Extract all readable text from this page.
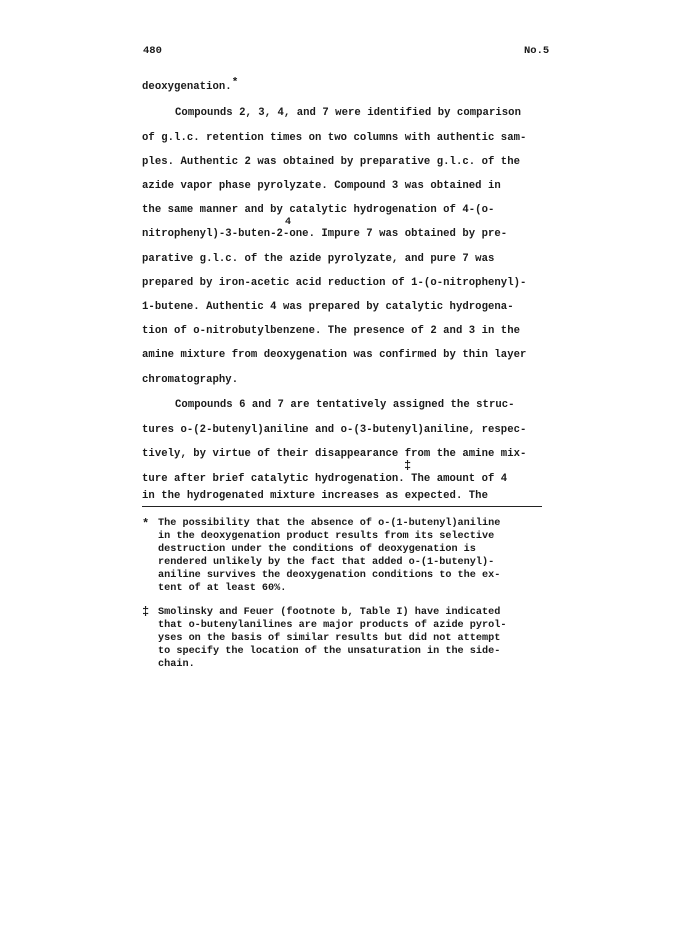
480	No.5
deoxygenation.*
Compounds 2, 3, 4, and 7 were identified by comparison
of g.l.c. retention times on two columns with authentic sam-
ples. Authentic 2 was obtained by preparative g.l.c. of the
azide vapor phase pyrolyzate. Compound 3 was obtained in
the same manner and by catalytic hydrogenation of 4-(o-
4
nitrophenyl)-3-buten-2-one. Impure 7 was obtained by pre-
parative g.l.c. of the azide pyrolyzate, and pure 7 was
prepared by iron-acetic acid reduction of 1-(o-nitrophenyl)-
1-butene. Authentic 4 was prepared by catalytic hydrogena-
tion of o-nitrobutylbenzene. The presence of 2 and 3 in the
amine mixture from deoxygenation was confirmed by thin layer
chromatography.
Compounds 6 and 7 are tentatively assigned the struc-
tures o-(2-butenyl)aniline and o-(3-butenyl)aniline, respec-
tively, by virtue of their disappearance from the amine mix-
ture after brief catalytic hydrogenation. The amount of 4
‡
in the hydrogenated mixture increases as expected. The
* The possibility that the absence of o-(1-butenyl)aniline
in the deoxygenation product results from its selective
destruction under the conditions of deoxygenation is
rendered unlikely by the fact that added o-(1-butenyl)-
aniline survives the deoxygenation conditions to the ex-
tent of at least 60%.
‡ Smolinsky and Feuer (footnote b, Table I) have indicated
that o-butenylanilines are major products of azide pyrol-
yses on the basis of similar results but did not attempt
to specify the location of the unsaturation in the side-
chain.
